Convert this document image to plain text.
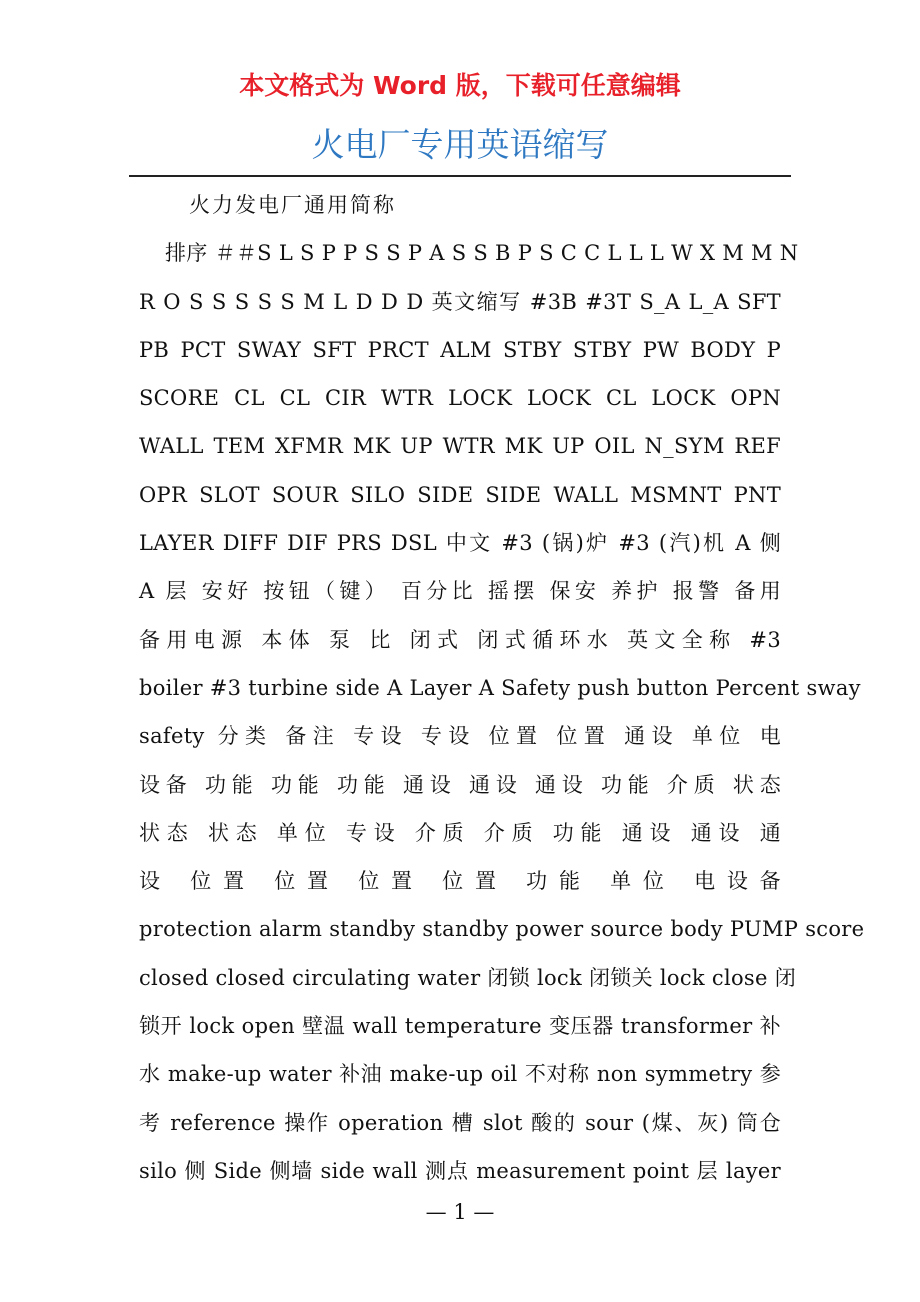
本文格式为 Word 版，下载可任意编辑
火电厂专用英语缩写
火力发电厂通用简称
排序 ＃＃S L S P P S S P A S S B P S C C L L L W X M M N
R O S S S S S M L D D D 英文缩写 #3B #3T S_A L_A SFT
PB PCT SWAY SFT PRCT ALM STBY STBY PW BODY P
SCORE CL CL CIR WTR LOCK LOCK CL LOCK OPN
WALL TEM XFMR MK UP WTR MK UP OIL N_SYM REF
OPR SLOT SOUR SILO SIDE SIDE WALL MSMNT PNT
LAYER DIFF DIF PRS DSL 中文 #3 (锅)炉 #3 (汽)机 A 侧
A 层 安好 按钮（键） 百分比 摇摆 保安 养护 报警 备用
备用电源 本体 泵 比 闭式 闭式循环水 英文全称 #3
boiler #3 turbine side A Layer A Safety push button Percent sway
safety 分类 备注 专设 专设 位置 位置 通设 单位 电
设备 功能 功能 功能 通设 通设 通设 功能 介质 状态
状态 状态 单位 专设 介质 介质 功能 通设 通设 通
设 位置 位置 位置 位置 功能 单位 电设备
protection alarm standby standby power source body PUMP score
closed closed circulating water 闭锁 lock 闭锁关 lock close 闭
锁开 lock open 壁温 wall temperature 变压器 transformer 补
水 make-up water 补油 make-up oil 不对称 non symmetry 参
考 reference 操作 operation 槽 slot 酸的 sour (煤、灰) 筒仓
silo 侧 Side 侧墙 side wall 测点 measurement point 层 layer
— 1 —
